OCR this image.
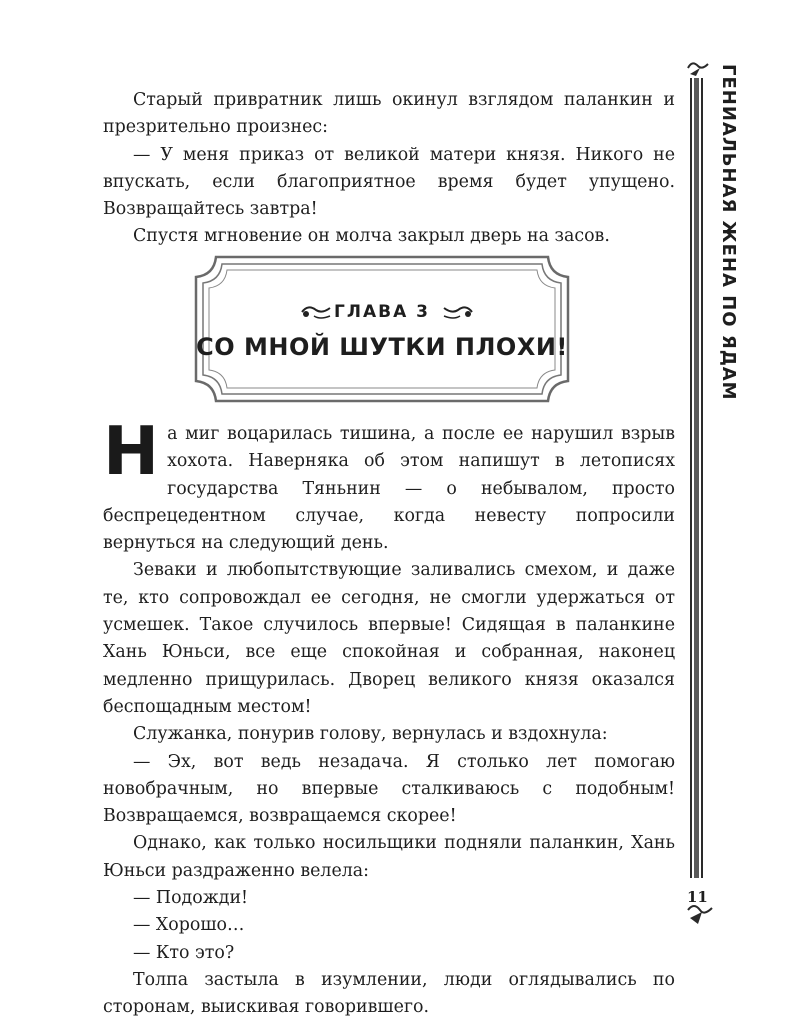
Старый привратник лишь окинул взглядом паланкин и презрительно произнес:

— У меня приказ от великой матери князя. Никого не впускать, если благоприятное время будет упущено. Возвращайтесь завтра!

Спустя мгновение он молча закрыл дверь на засов.

ГЛАВА 3
СО МНОЙ ШУТКИ ПЛОХИ!

На миг воцарилась тишина, а после ее нарушил взрыв хохота. Наверняка об этом напишут в летописях государства Тяньнин — о небывалом, просто беспрецедентном случае, когда невесту попросили вернуться на следующий день.

Зеваки и любопытствующие заливались смехом, и даже те, кто сопровождал ее сегодня, не смогли удержаться от усмешек. Такое случилось впервые! Сидящая в паланкине Хань Юньси, все еще спокойная и собранная, наконец медленно прищурилась. Дворец великого князя оказался беспощадным местом!

Служанка, понурив голову, вернулась и вздохнула:

— Эх, вот ведь незадача. Я столько лет помогаю новобрачным, но впервые сталкиваюсь с подобным! Возвращаемся, возвращаемся скорее!

Однако, как только носильщики подняли паланкин, Хань Юньси раздраженно велела:

— Подожди!

— Хорошо…

— Кто это?

Толпа застыла в изумлении, люди оглядывались по сторонам, выискивая говорившего.

ГЕНИАЛЬНАЯ ЖЕНА ПО ЯДАМ
11
